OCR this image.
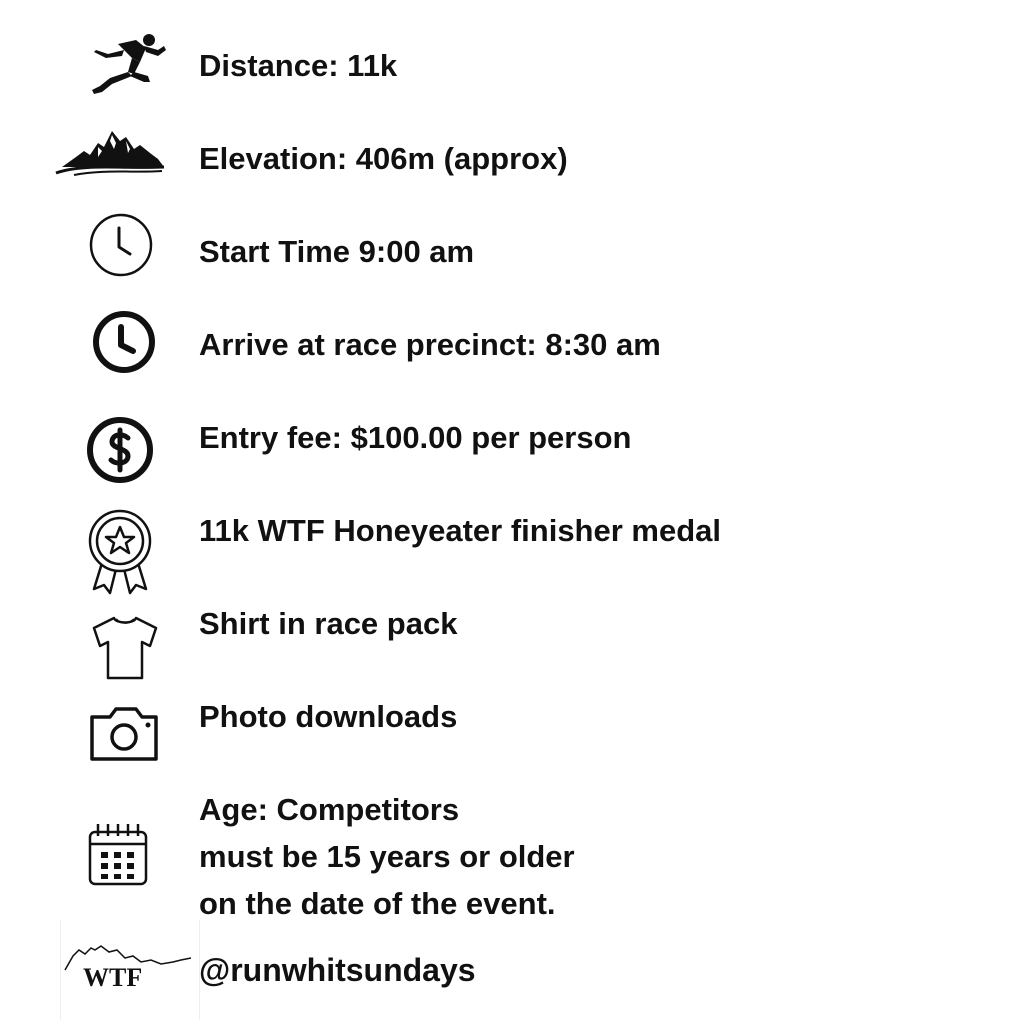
Distance: 11k
Elevation: 406m (approx)
Start Time 9:00 am
Arrive at race precinct: 8:30 am
Entry fee: $100.00 per person
11k WTF Honeyeater finisher medal
Shirt in race pack
Photo downloads
Age: Competitors
must be 15 years or older
on the date of the event.
WTF @runwhitsundays
